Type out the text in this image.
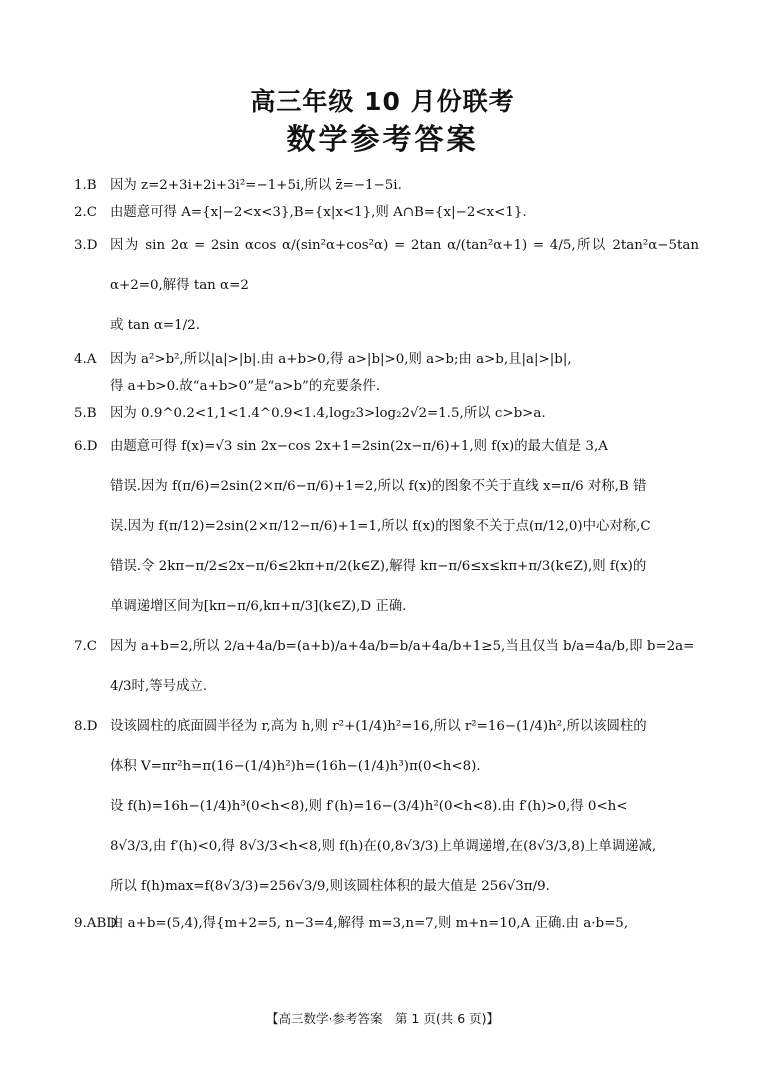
高三年级 10 月份联考
数学参考答案
1.B 因为 z=2+3i+2i+3i²=−1+5i,所以 z̄=−1−5i.

2.C 由题意可得 A={x|−2<x<3},B={x|x<1},则 A∩B={x|−2<x<1}.

3.D 因为 sin 2α = 2sin αcos α/(sin²α+cos²α) = 2tan α/(tan²α+1) = 4/5,所以 2tan²α−5tan α+2=0,解得 tan α=2

或 tan α=1/2.

4.A	因为 a²>b²,所以|a|>|b|.由 a+b>0,得 a>|b|>0,则 a>b;由 a>b,且|a|>|b|,

得 a+b>0.故“a+b>0”是“a>b”的充要条件.

5.B 因为 0.9^0.2<1,1<1.4^0.9<1.4,log₂3>log₂2√2=1.5,所以 c>b>a.

6.D 由题意可得 f(x)=√3 sin 2x−cos 2x+1=2sin(2x−π/6)+1,则 f(x)的最大值是 3,A

错误.因为 f(π/6)=2sin(2×π/6−π/6)+1=2,所以 f(x)的图象不关于直线 x=π/6 对称,B 错

误.因为 f(π/12)=2sin(2×π/12−π/6)+1=1,所以 f(x)的图象不关于点(π/12,0)中心对称,C

错误.令 2kπ−π/2≤2x−π/6≤2kπ+π/2(k∈Z),解得 kπ−π/6≤x≤kπ+π/3(k∈Z),则 f(x)的

单调递增区间为[kπ−π/6,kπ+π/3](k∈Z),D 正确.

7.C 因为 a+b=2,所以 2/a+4a/b=(a+b)/a+4a/b=b/a+4a/b+1≥5,当且仅当 b/a=4a/b,即 b=2a=

4/3时,等号成立.

8.D 设该圆柱的底面圆半径为 r,高为 h,则 r²+(1/4)h²=16,所以 r²=16−(1/4)h²,所以该圆柱的

体积 V=πr²h=π(16−(1/4)h²)h=(16h−(1/4)h³)π(0<h<8).

设 f(h)=16h−(1/4)h³(0<h<8),则 f′(h)=16−(3/4)h²(0<h<8).由 f′(h)>0,得 0<h<

8√3/3,由 f′(h)<0,得 8√3/3<h<8,则 f(h)在(0,8√3/3)上单调递增,在(8√3/3,8)上单调递减,

所以 f(h)max=f(8√3/3)=256√3/9,则该圆柱体积的最大值是 256√3π/9.

9.ABD

由 a+b=(5,4),得{m+2=5, n−3=4,解得 m=3,n=7,则 m+n=10,A 正确.由 a·b=5,

【高三数学·参考答案　第 1 页(共 6 页)】
